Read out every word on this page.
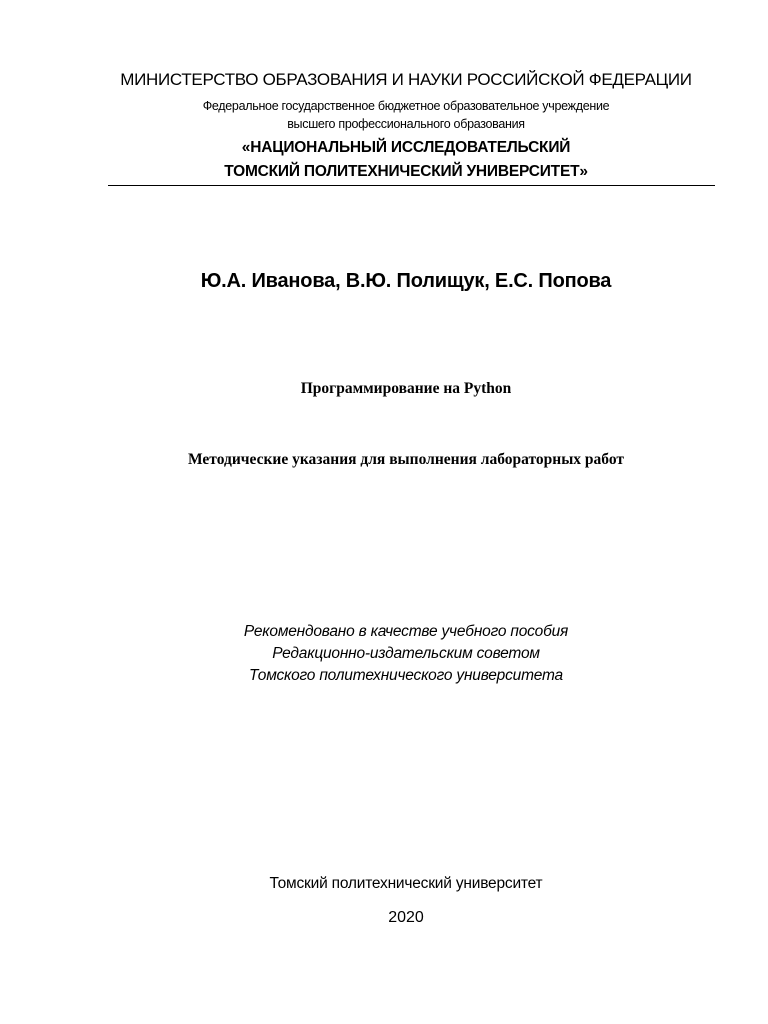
МИНИСТЕРСТВО ОБРАЗОВАНИЯ И НАУКИ РОССИЙСКОЙ ФЕДЕРАЦИИ
Федеральное государственное бюджетное образовательное учреждение
высшего профессионального образования
«НАЦИОНАЛЬНЫЙ ИССЛЕДОВАТЕЛЬСКИЙ
ТОМСКИЙ ПОЛИТЕХНИЧЕСКИЙ УНИВЕРСИТЕТ»
Ю.А. Иванова, В.Ю. Полищук, Е.С. Попова
Программирование на Python
Методические указания для выполнения лабораторных работ
Рекомендовано в качестве учебного пособия
Редакционно-издательским советом
Томского политехнического университета
Томский политехнический университет
2020
